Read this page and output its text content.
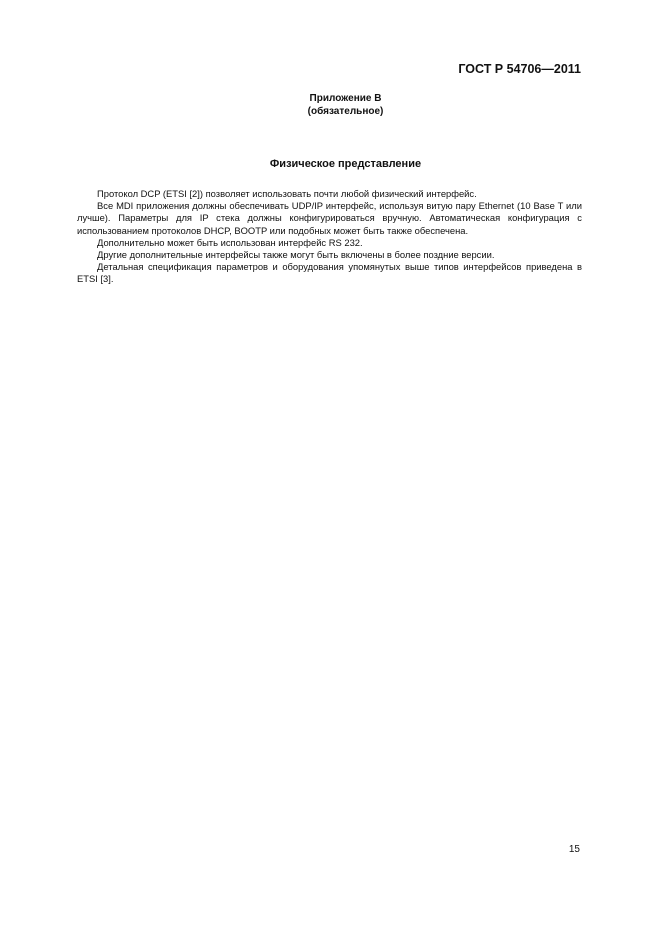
ГОСТ Р 54706—2011
Приложение В
(обязательное)
Физическое представление

Протокол DCP (ETSI [2]) позволяет использовать почти любой физический интерфейс.

Все MDI приложения должны обеспечивать UDP/IP интерфейс, используя витую пару Ethernet (10 Base T или лучше). Параметры для IP стека должны конфигурироваться вручную. Автоматическая конфигурация с использованием протоколов DHCP, BOOTP или подобных может быть также обеспечена.

Дополнительно может быть использован интерфейс RS 232.

Другие дополнительные интерфейсы также могут быть включены в более поздние версии.

Детальная спецификация параметров и оборудования упомянутых выше типов интерфейсов приведена в ETSI [3].

15
